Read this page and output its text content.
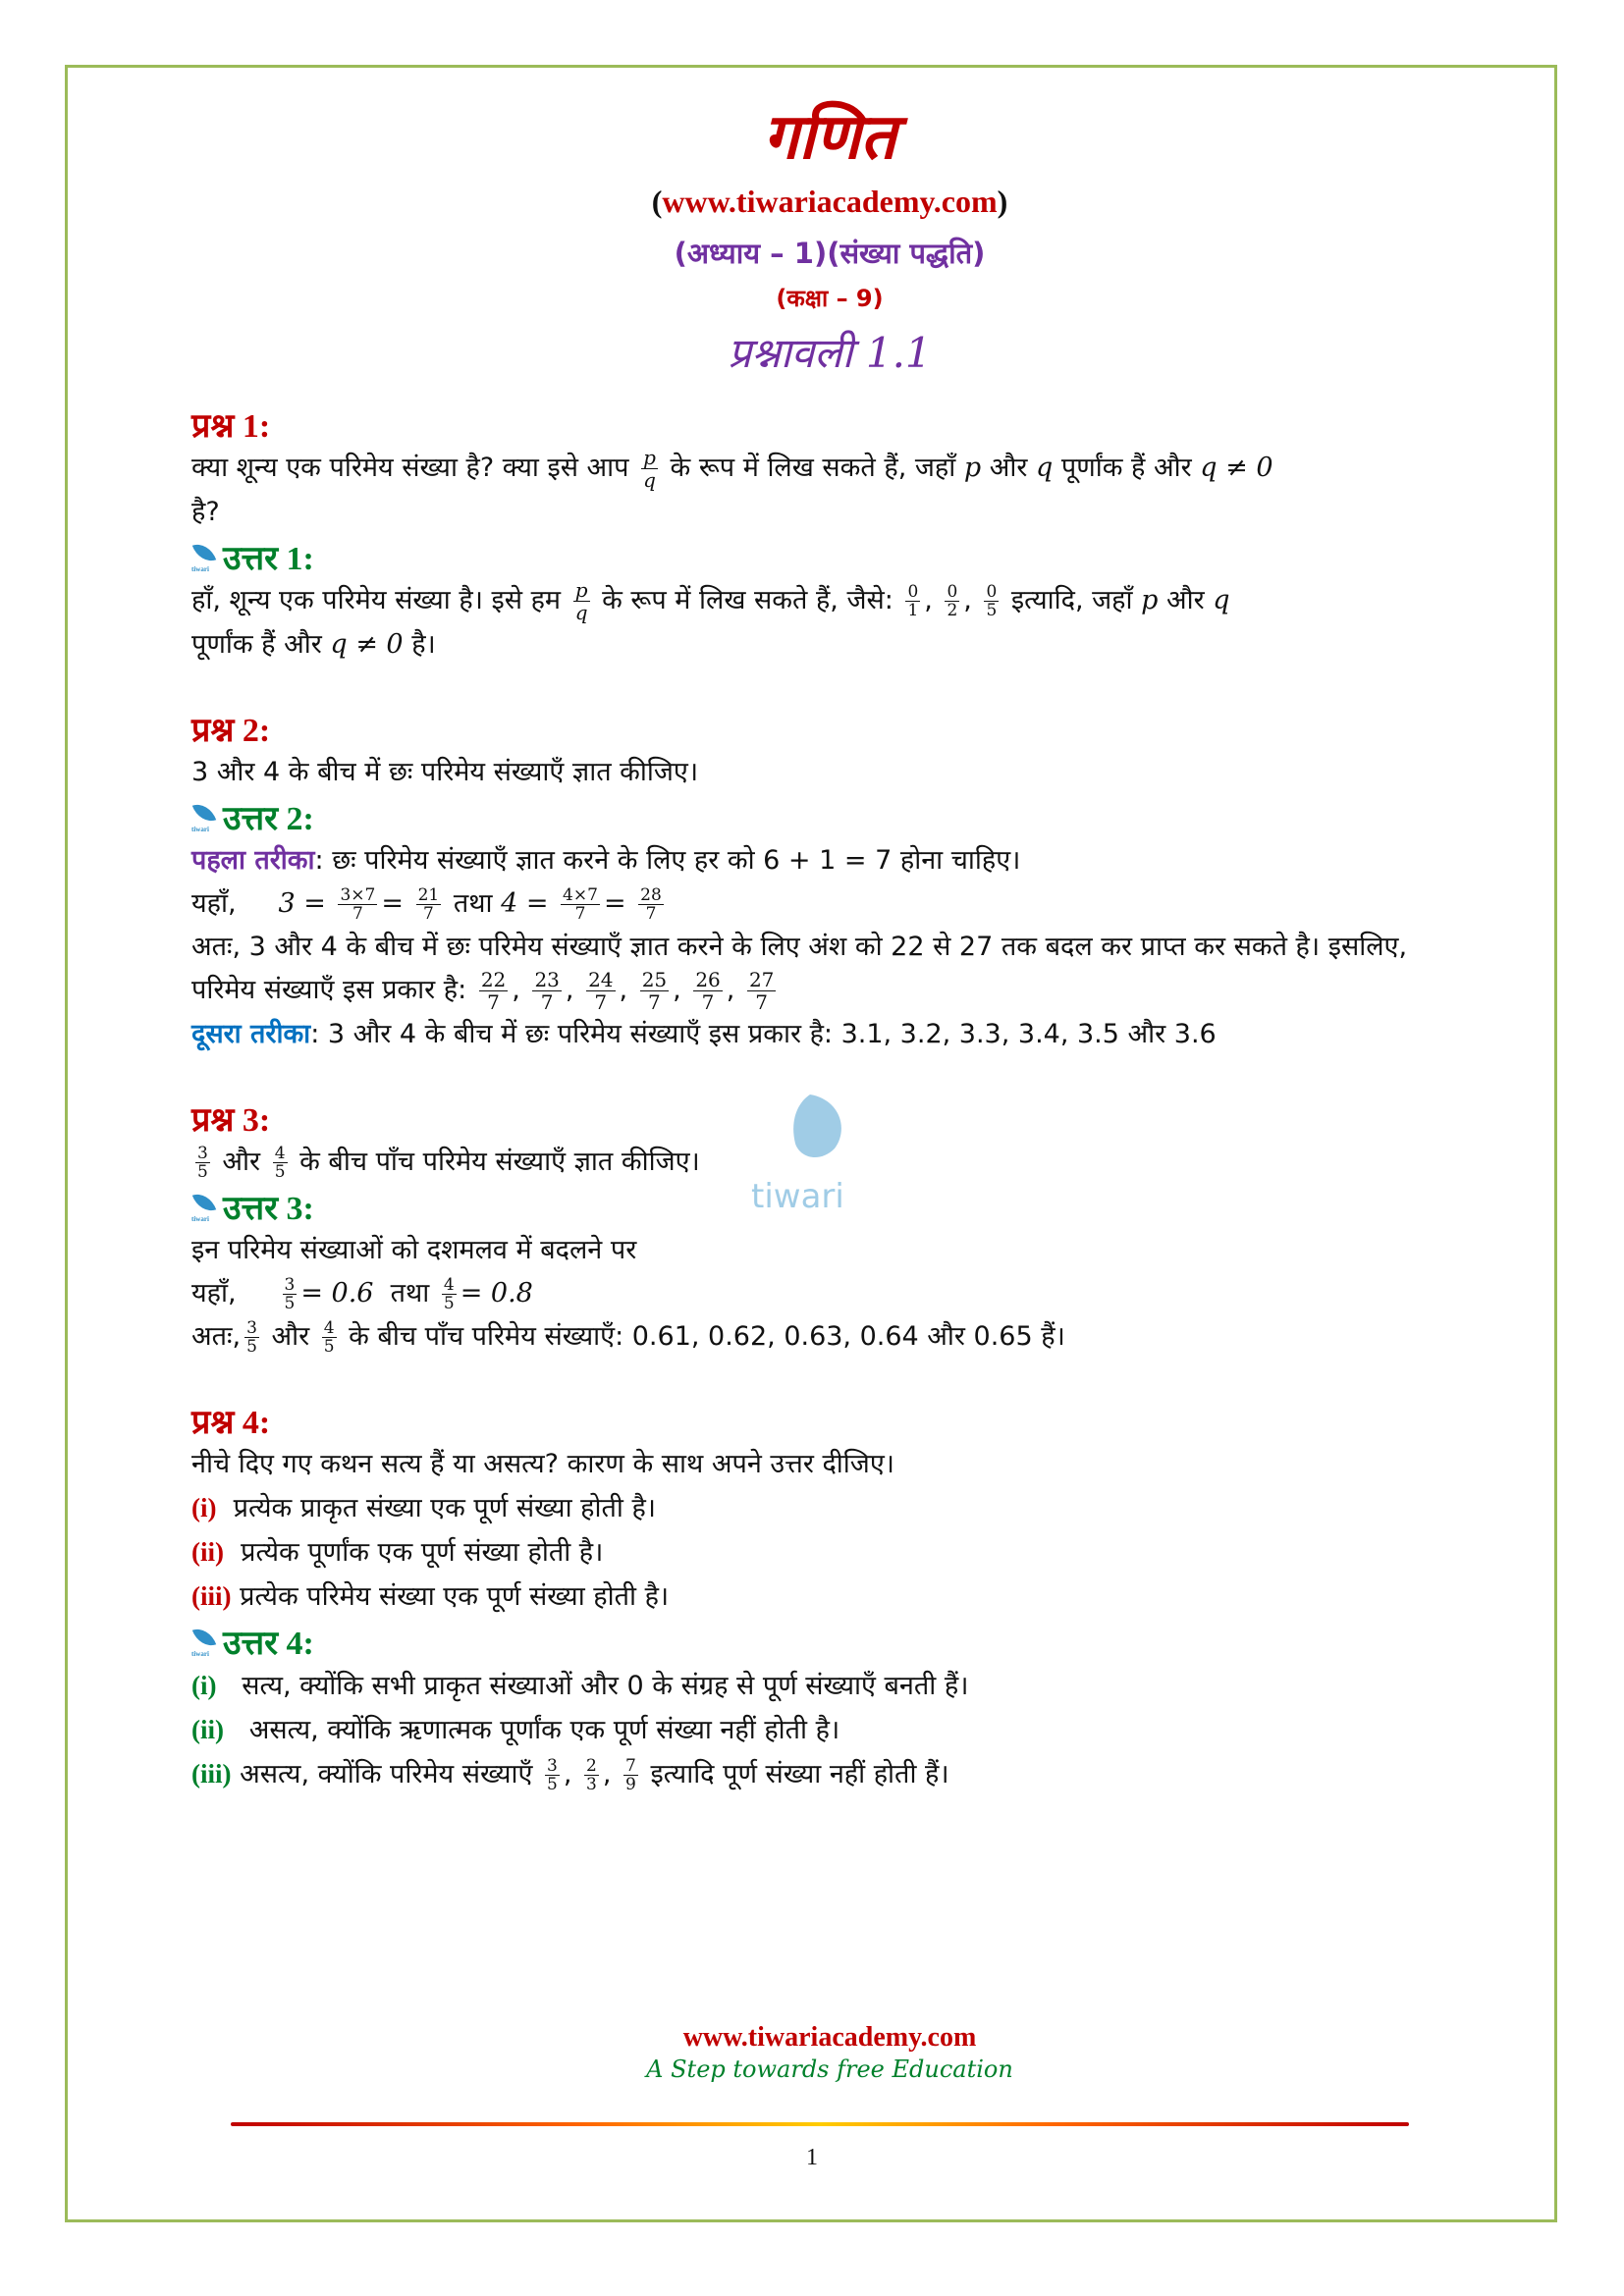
tiwari
गणित
(www.tiwariacademy.com)
(अध्याय – 1)(संख्या पद्धति)
(कक्षा – 9)
प्रश्नावली 1.1
प्रश्न 1:
क्या शून्य एक परिमेय संख्या है? क्या इसे आप $\frac{p}{q}$ के रूप में लिख सकते हैं, जहाँ p और q पूर्णांक हैं और q ≠ 0
है?
tiwari
उत्तर 1:
हाँ, शून्य एक परिमेय संख्या है। इसे हम $\frac{p}{q}$ के रूप में लिख सकते हैं, जैसे: $\frac{0}{1}$ , $\frac{0}{2}$ , $\frac{0}{5}$ इत्यादि, जहाँ p और q
पूर्णांक हैं और q ≠ 0 है।
प्रश्न 2:
3 और 4 के बीच में छः परिमेय संख्याएँ ज्ञात कीजिए।
tiwari
उत्तर 2:
पहला तरीका: छः परिमेय संख्याएँ ज्ञात करने के लिए हर को 6 + 1 = 7 होना चाहिए।
यहाँ, $3 = \frac{3\times 7}{7} = \frac{21}{7}$ तथा $4 = \frac{4\times 7}{7} = \frac{28}{7}$
अतः, 3 और 4 के बीच में छः परिमेय संख्याएँ ज्ञात करने के लिए अंश को 22 से 27 तक बदल कर प्राप्त कर सकते है। इसलिए,
परिमेय संख्याएँ इस प्रकार है: $\frac{22}{7}$ , $\frac{23}{7}$ , $\frac{24}{7}$ , $\frac{25}{7}$ , $\frac{26}{7}$ , $\frac{27}{7}$
दूसरा तरीका: 3 और 4 के बीच में छः परिमेय संख्याएँ इस प्रकार है: 3.1, 3.2, 3.3, 3.4, 3.5 और 3.6
प्रश्न 3:
$\frac{3}{5}$ और $\frac{4}{5}$ के बीच पाँच परिमेय संख्याएँ ज्ञात कीजिए।
tiwari
उत्तर 3:
इन परिमेय संख्याओं को दशमलव में बदलने पर
यहाँ,	$\frac{3}{5} = 0.6$ तथा $\frac{4}{5} = 0.8$
अतः, $\frac{3}{5}$ और $\frac{4}{5}$ के बीच पाँच परिमेय संख्याएँ: 0.61, 0.62, 0.63, 0.64 और 0.65 हैं।
प्रश्न 4:
नीचे दिए गए कथन सत्य हैं या असत्य? कारण के साथ अपने उत्तर दीजिए।
(i) प्रत्येक प्राकृत संख्या एक पूर्ण संख्या होती है।
(ii) प्रत्येक पूर्णांक एक पूर्ण संख्या होती है।
(iii) प्रत्येक परिमेय संख्या एक पूर्ण संख्या होती है।
tiwari
उत्तर 4:
(i) सत्य, क्योंकि सभी प्राकृत संख्याओं और 0 के संग्रह से पूर्ण संख्याएँ बनती हैं।
(ii) असत्य, क्योंकि ऋणात्मक पूर्णांक एक पूर्ण संख्या नहीं होती है।
(iii) असत्य, क्योंकि परिमेय संख्याएँ $\frac{3}{5}$ , $\frac{2}{3}$ , $\frac{7}{9}$ इत्यादि पूर्ण संख्या नहीं होती हैं।
www.tiwariacademy.com
A Step towards free Education
1
